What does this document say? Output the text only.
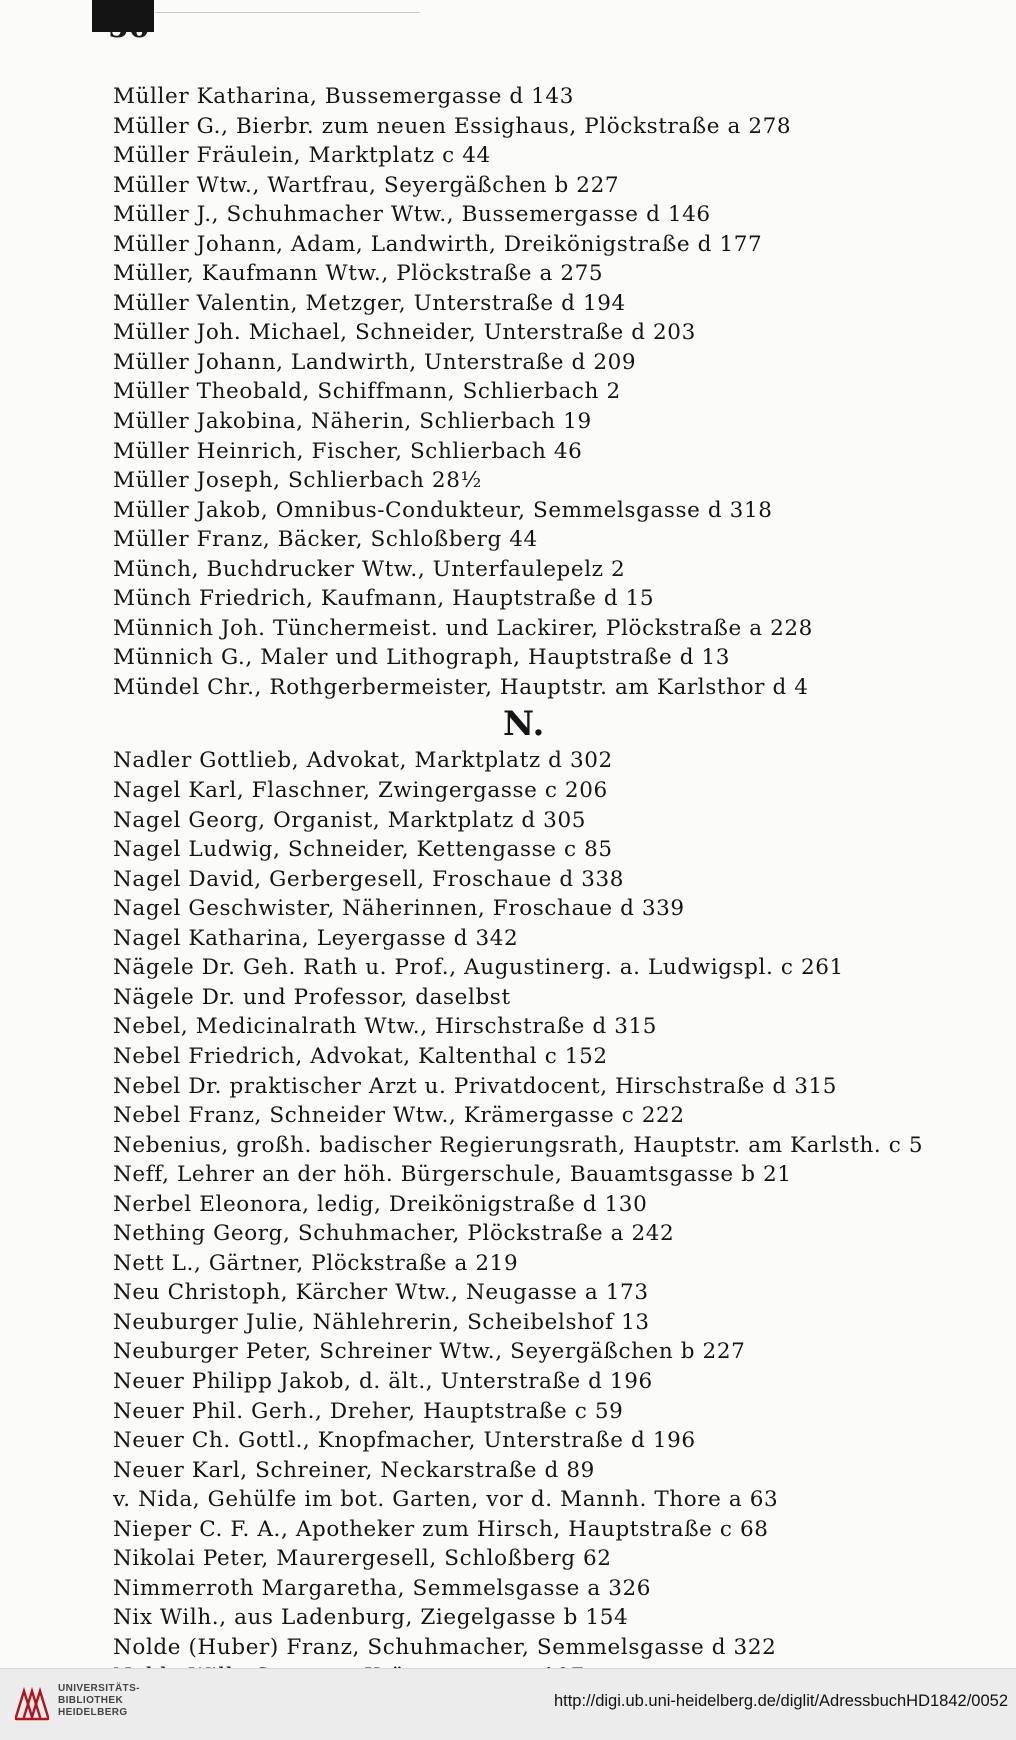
Müller Katharina, Bussemergasse d 143
Müller G., Bierbr. zum neuen Essighaus, Plöckstraße a 278
Müller Fräulein, Marktplatz c 44
Müller Wtw., Wartfrau, Seyergäßchen b 227
Müller J., Schuhmacher Wtw., Bussemergasse d 146
Müller Johann, Adam, Landwirth, Dreikönigstraße d 177
Müller, Kaufmann Wtw., Plöckstraße a 275
Müller Valentin, Metzger, Unterstraße d 194
Müller Joh. Michael, Schneider, Unterstraße d 203
Müller Johann, Landwirth, Unterstraße d 209
Müller Theobald, Schiffmann, Schlierbach 2
Müller Jakobina, Näherin, Schlierbach 19
Müller Heinrich, Fischer, Schlierbach 46
Müller Joseph, Schlierbach 28½
Müller Jakob, Omnibus-Condukteur, Semmelsgasse d 318
Müller Franz, Bäcker, Schloßberg 44
Münch, Buchdrucker Wtw., Unterfaulepelz 2
Münch Friedrich, Kaufmann, Hauptstraße d 15
Münnich Joh. Tünchermeist. und Lackirer, Plöckstraße a 228
Münnich G., Maler und Lithograph, Hauptstraße d 13
Mündel Chr., Rothgerbermeister, Hauptstr. am Karlsthor d 4
N.
Nadler Gottlieb, Advokat, Marktplatz d 302
Nagel Karl, Flaschner, Zwingergasse c 206
Nagel Georg, Organist, Marktplatz d 305
Nagel Ludwig, Schneider, Kettengasse c 85
Nagel David, Gerbergesell, Froschaue d 338
Nagel Geschwister, Näherinnen, Froschaue d 339
Nagel Katharina, Leyergasse d 342
Nägele Dr. Geh. Rath u. Prof., Augustinerg. a. Ludwigspl. c 261
Nägele Dr. und Professor, daselbst
Nebel, Medicinalrath Wtw., Hirschstraße d 315
Nebel Friedrich, Advokat, Kaltenthal c 152
Nebel Dr. praktischer Arzt u. Privatdocent, Hirschstraße d 315
Nebel Franz, Schneider Wtw., Krämergasse c 222
Nebenius, großh. badischer Regierungsrath, Hauptstr. am Karlsth. c 5
Neff, Lehrer an der höh. Bürgerschule, Bauamtsgasse b 21
Nerbel Eleonora, ledig, Dreikönigstraße d 130
Nething Georg, Schuhmacher, Plöckstraße a 242
Nett L., Gärtner, Plöckstraße a 219
Neu Christoph, Kärcher Wtw., Neugasse a 173
Neuburger Julie, Nählehrerin, Scheibelshof 13
Neuburger Peter, Schreiner Wtw., Seyergäßchen b 227
Neuer Philipp Jakob, d. ält., Unterstraße d 196
Neuer Phil. Gerh., Dreher, Hauptstraße c 59
Neuer Ch. Gottl., Knopfmacher, Unterstraße d 196
Neuer Karl, Schreiner, Neckarstraße d 89
v. Nida, Gehülfe im bot. Garten, vor d. Mannh. Thore a 63
Nieper C. F. A., Apotheker zum Hirsch, Hauptstraße c 68
Nikolai Peter, Maurergesell, Schloßberg 62
Nimmerroth Margaretha, Semmelsgasse a 326
Nix Wilh., aus Ladenburg, Ziegelgasse b 154
Nolde (Huber) Franz, Schuhmacher, Semmelsgasse d 322
UNIVERSITÄTS-
BIBLIOTHEK
HEIDELBERG
http://digi.ub.uni-heidelberg.de/diglit/AdressbuchHD1842/0052
